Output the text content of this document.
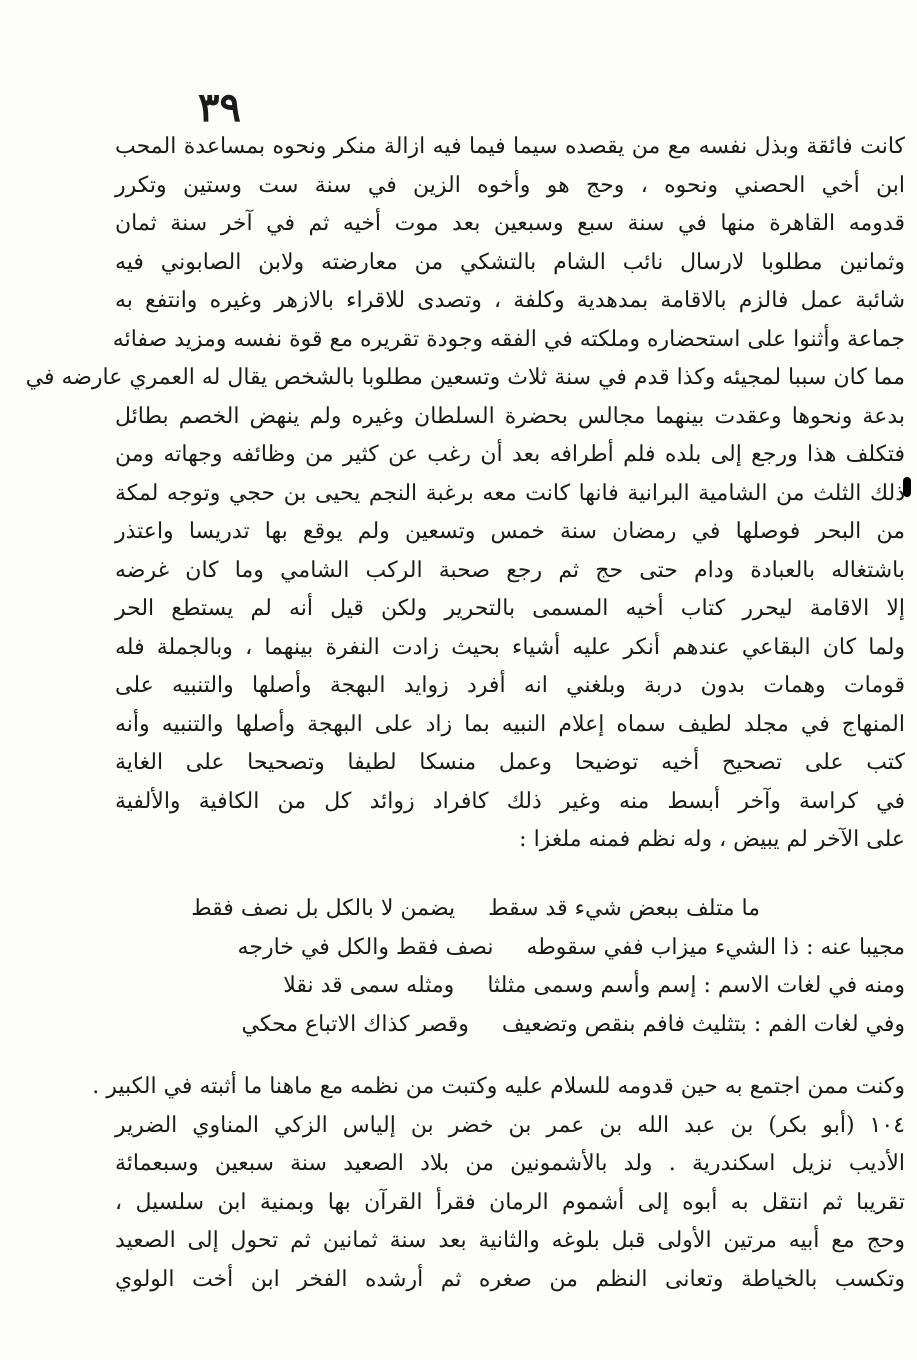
٣٩
كانت فائقة وبذل نفسه مع من يقصده سيما فيما فيه ازالة منكر ونحوه بمساعدة المحب
ابن أخي الحصني ونحوه ، وحج هو وأخوه الزين في سنة ست وستين وتكرر
قدومه القاهرة منها في سنة سبع وسبعين بعد موت أخيه ثم في آخر سنة ثمان
وثمانين مطلوبا لارسال نائب الشام بالتشكي من معارضته ولابن الصابوني فيه
شائبة عمل فالزم بالاقامة بمدهدية وكلفة ، وتصدى للاقراء بالازهر وغيره وانتفع به
جماعة وأثنوا على استحضاره وملكته في الفقه وجودة تقريره مع قوة نفسه ومزيد صفائه
مما كان سببا لمجيئه وكذا قدم في سنة ثلاث وتسعين مطلوبا بالشخص يقال له العمري عارضه في
بدعة ونحوها وعقدت بينهما مجالس بحضرة السلطان وغيره ولم ينهض الخصم بطائل
فتكلف هذا ورجع إلى بلده فلم أطرافه بعد أن رغب عن كثير من وظائفه وجهاته ومن
ذلك الثلث من الشامية البرانية فانها كانت معه برغبة النجم يحيى بن حجي وتوجه لمكة
من البحر فوصلها في رمضان سنة خمس وتسعين ولم يوقع بها تدريسا واعتذر
باشتغاله بالعبادة ودام حتى حج ثم رجع صحبة الركب الشامي وما كان غرضه
إلا الاقامة ليحرر كتاب أخيه المسمى بالتحرير ولكن قيل أنه لم يستطع الحر
ولما كان البقاعي عندهم أنكر عليه أشياء بحيث زادت النفرة بينهما ، وبالجملة فله
قومات وهمات بدون دربة وبلغني انه أفرد زوايد البهجة وأصلها والتنبيه على
المنهاج في مجلد لطيف سماه إعلام النبيه بما زاد على البهجة وأصلها والتنبيه وأنه
كتب على تصحيح أخيه توضيحا وعمل منسكا لطيفا وتصحيحا على الغاية
في كراسة وآخر أبسط منه وغير ذلك كافراد زوائد كل من الكافية والألفية
على الآخر لم يبيض ، وله نظم فمنه ملغزا :
ما متلف ببعض شيء قد سقط يضمن لا بالكل بل نصف فقط
مجيبا عنه : ذا الشيء ميزاب ففي سقوطه نصف فقط والكل في خارجه
ومنه في لغات الاسم : إسم وأسم وسمى مثلثا ومثله سمى قد نقلا
وفي لغات الفم : بتثليث فافم بنقص وتضعيف وقصر كذاك الاتباع محكي
وكنت ممن اجتمع به حين قدومه للسلام عليه وكتبت من نظمه مع ماهنا ما أثبته في الكبير .
١٠٤ (أبو بكر) بن عبد الله بن عمر بن خضر بن إلياس الزكي المناوي الضرير
الأديب نزيل اسكندرية . ولد بالأشمونين من بلاد الصعيد سنة سبعين وسبعمائة
تقريبا ثم انتقل به أبوه إلى أشموم الرمان فقرأ القرآن بها وبمنية ابن سلسيل ،
وحج مع أبيه مرتين الأولى قبل بلوغه والثانية بعد سنة ثمانين ثم تحول إلى الصعيد
وتكسب بالخياطة وتعانى النظم من صغره ثم أرشده الفخر ابن أخت الولوي
